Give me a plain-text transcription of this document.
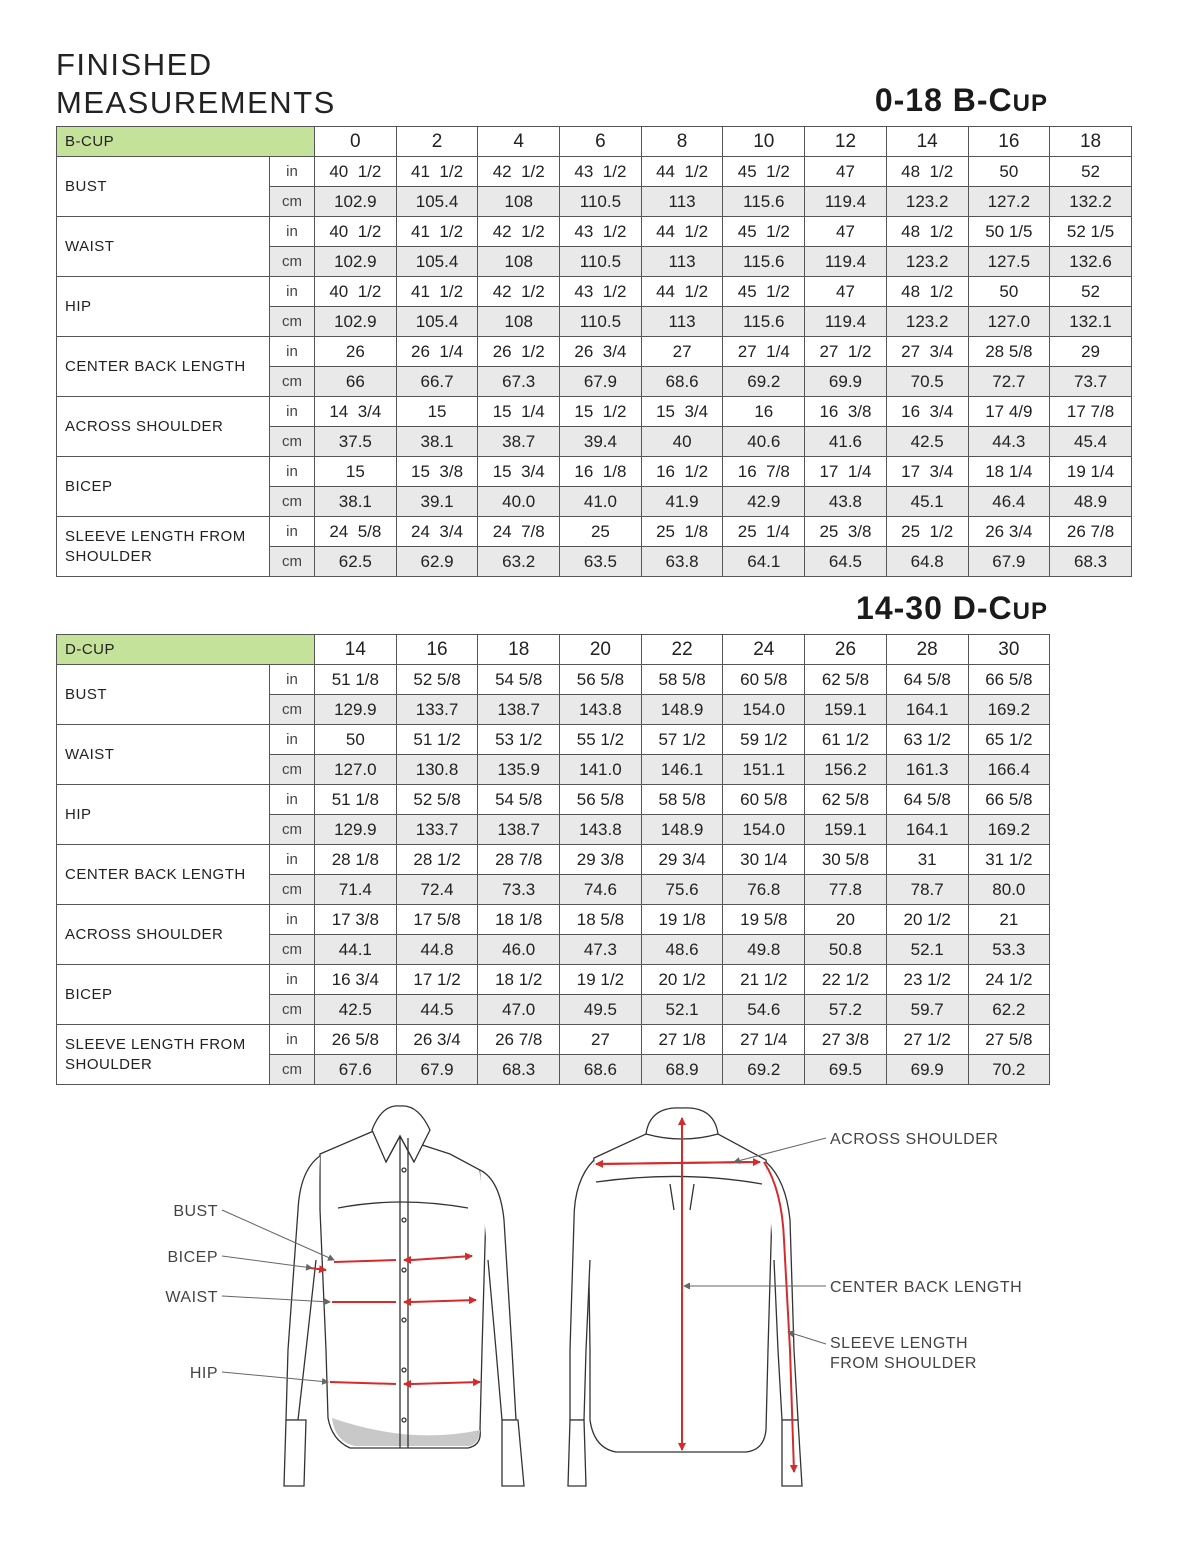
FINISHED
MEASUREMENTS	0-18 B-CUP
B-CUP		0	2	4	6	8	10	12	14	16	18
BUST	in	40  1/2	41  1/2	42  1/2	43  1/2	44  1/2	45  1/2	47	48  1/2	50	52
	cm	102.9	105.4	108	110.5	113	115.6	119.4	123.2	127.2	132.2
WAIST	in	40  1/2	41  1/2	42  1/2	43  1/2	44  1/2	45  1/2	47	48  1/2	50 1/5	52 1/5
	cm	102.9	105.4	108	110.5	113	115.6	119.4	123.2	127.5	132.6
HIP	in	40  1/2	41  1/2	42  1/2	43  1/2	44  1/2	45  1/2	47	48  1/2	50	52
	cm	102.9	105.4	108	110.5	113	115.6	119.4	123.2	127.0	132.1
CENTER BACK LENGTH	in	26	26  1/4	26  1/2	26  3/4	27	27  1/4	27  1/2	27  3/4	28 5/8	29
	cm	66	66.7	67.3	67.9	68.6	69.2	69.9	70.5	72.7	73.7
ACROSS SHOULDER	in	14  3/4	15	15  1/4	15  1/2	15  3/4	16	16  3/8	16  3/4	17 4/9	17 7/8
	cm	37.5	38.1	38.7	39.4	40	40.6	41.6	42.5	44.3	45.4
BICEP	in	15	15  3/8	15  3/4	16  1/8	16  1/2	16  7/8	17  1/4	17  3/4	18 1/4	19 1/4
	cm	38.1	39.1	40.0	41.0	41.9	42.9	43.8	45.1	46.4	48.9
SLEEVE LENGTH FROM SHOULDER	in	24  5/8	24  3/4	24  7/8	25	25  1/8	25  1/4	25  3/8	25  1/2	26 3/4	26 7/8
	cm	62.5	62.9	63.2	63.5	63.8	64.1	64.5	64.8	67.9	68.3
14-30 D-CUP
D-CUP		14	16	18	20	22	24	26	28	30
BUST	in	51 1/8	52 5/8	54 5/8	56 5/8	58 5/8	60 5/8	62 5/8	64 5/8	66 5/8
	cm	129.9	133.7	138.7	143.8	148.9	154.0	159.1	164.1	169.2
WAIST	in	50	51 1/2	53 1/2	55 1/2	57 1/2	59 1/2	61 1/2	63 1/2	65 1/2
	cm	127.0	130.8	135.9	141.0	146.1	151.1	156.2	161.3	166.4
HIP	in	51 1/8	52 5/8	54 5/8	56 5/8	58 5/8	60 5/8	62 5/8	64 5/8	66 5/8
	cm	129.9	133.7	138.7	143.8	148.9	154.0	159.1	164.1	169.2
CENTER BACK LENGTH	in	28 1/8	28 1/2	28 7/8	29 3/8	29 3/4	30 1/4	30 5/8	31	31 1/2
	cm	71.4	72.4	73.3	74.6	75.6	76.8	77.8	78.7	80.0
ACROSS SHOULDER	in	17 3/8	17 5/8	18 1/8	18 5/8	19 1/8	19 5/8	20	20 1/2	21
	cm	44.1	44.8	46.0	47.3	48.6	49.8	50.8	52.1	53.3
BICEP	in	16 3/4	17 1/2	18 1/2	19 1/2	20 1/2	21 1/2	22 1/2	23 1/2	24 1/2
	cm	42.5	44.5	47.0	49.5	52.1	54.6	57.2	59.7	62.2
SLEEVE LENGTH FROM SHOULDER	in	26 5/8	26 3/4	26 7/8	27	27 1/8	27 1/4	27 3/8	27 1/2	27 5/8
	cm	67.6	67.9	68.3	68.6	68.9	69.2	69.5	69.9	70.2
BUST
BICEP
WAIST
HIP
ACROSS SHOULDER
CENTER BACK LENGTH
SLEEVE LENGTH
FROM SHOULDER
